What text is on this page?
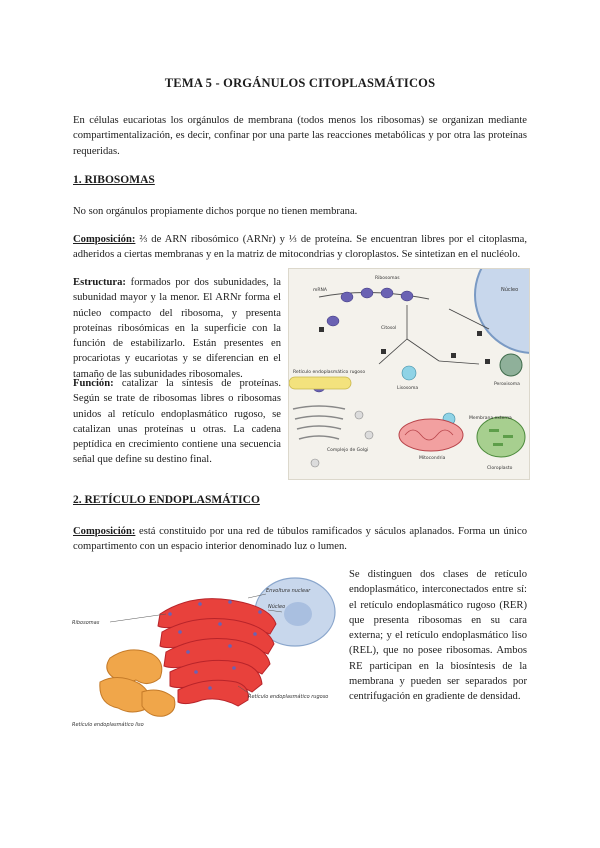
TEMA 5 - ORGÁNULOS CITOPLASMÁTICOS

En células eucariotas los orgánulos de membrana (todos menos los ribosomas) se organizan mediante compartimentalización, es decir, confinar por una parte las reacciones metabólicas y por otra las proteínas requeridas.

1. RIBOSOMAS

No son orgánulos propiamente dichos porque no tienen membrana.

Composición: ⅔ de ARN ribosómico (ARNr) y ⅓ de proteína. Se encuentran libres por el citoplasma, adheridos a ciertas membranas y en la matriz de mitocondrias y cloroplastos. Se sintetizan en el nucléolo.

Estructura: formados por dos subunidades, la subunidad mayor y la menor. El ARNr forma el núcleo compacto del ribosoma, y presenta proteínas ribosómicas en la superficie con la función de estabilizarlo. Están presentes en procariotas y eucariotas y se diferencian en el tamaño de las subunidades ribosomales.

Función: catalizar la síntesis de proteínas. Según se trate de ribosomas libres o ribosomas unidos al retículo endoplasmático rugoso, se catalizan unas proteínas u otras. La cadena peptídica en crecimiento contiene una secuencia señal que define su destino final.

Núcleo
mRNA
Ribosomas
Citosol
Peroxisoma
Retículo endoplasmático rugoso
Complejo de Golgi
Lisosoma
Mitocondria
Cloroplasto
Membrana externa
2. RETÍCULO ENDOPLASMÁTICO

Composición: está constituido por una red de túbulos ramificados y sáculos aplanados. Forma un único compartimento con un espacio interior denominado luz o lumen.

Ribosomas
Envoltura nuclear
Núcleo
Retículo endoplasmático rugoso
Retículo endoplasmático liso

Se distinguen dos clases de retículo endoplasmático, interconectados entre sí: el retículo endoplasmático rugoso (RER) que presenta ribosomas en su cara externa; y el retículo endoplasmático liso (REL), que no posee ribosomas. Ambos RE participan en la biosíntesis de la membrana y pueden ser separados por centrifugación en gradiente de densidad.
